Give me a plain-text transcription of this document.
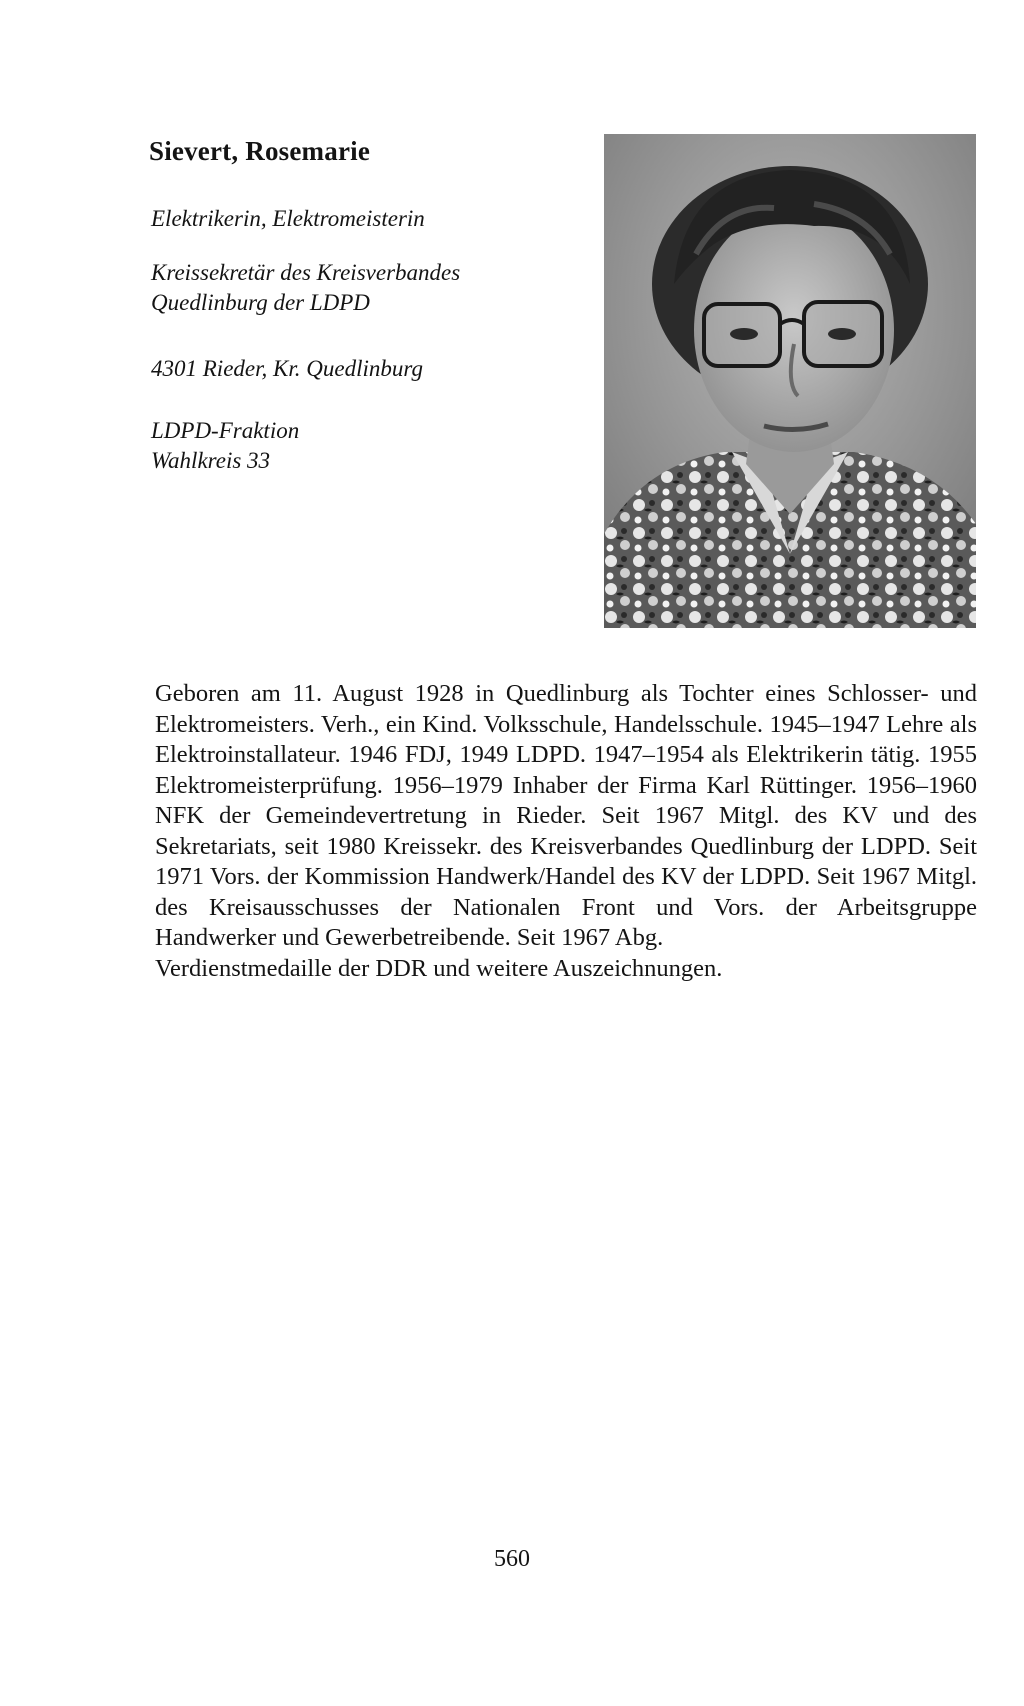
Sievert, Rosemarie
Elektrikerin, Elektromeisterin
Kreissekretär des Kreisverbandes
Quedlinburg der LDPD
4301 Rieder, Kr. Quedlinburg
LDPD-Fraktion
Wahlkreis 33

Geboren am 11. August 1928 in Quedlinburg als Tochter eines Schlosser- und Elektromeisters. Verh., ein Kind. Volksschule, Handelsschule. 1945–1947 Lehre als Elektroinstallateur. 1946 FDJ, 1949 LDPD. 1947–1954 als Elektrikerin tätig. 1955 Elektromeisterprüfung. 1956–1979 Inhaber der Firma Karl Rüttinger. 1956–1960 NFK der Gemeindevertretung in Rieder. Seit 1967 Mitgl. des KV und des Sekretariats, seit 1980 Kreissekr. des Kreisverbandes Quedlinburg der LDPD. Seit 1971 Vors. der Kommission Handwerk/Handel des KV der LDPD. Seit 1967 Mitgl. des Kreisausschusses der Nationalen Front und Vors. der Arbeitsgruppe Handwerker und Gewerbetreibende. Seit 1967 Abg.

Verdienstmedaille der DDR und weitere Auszeichnungen.

560
